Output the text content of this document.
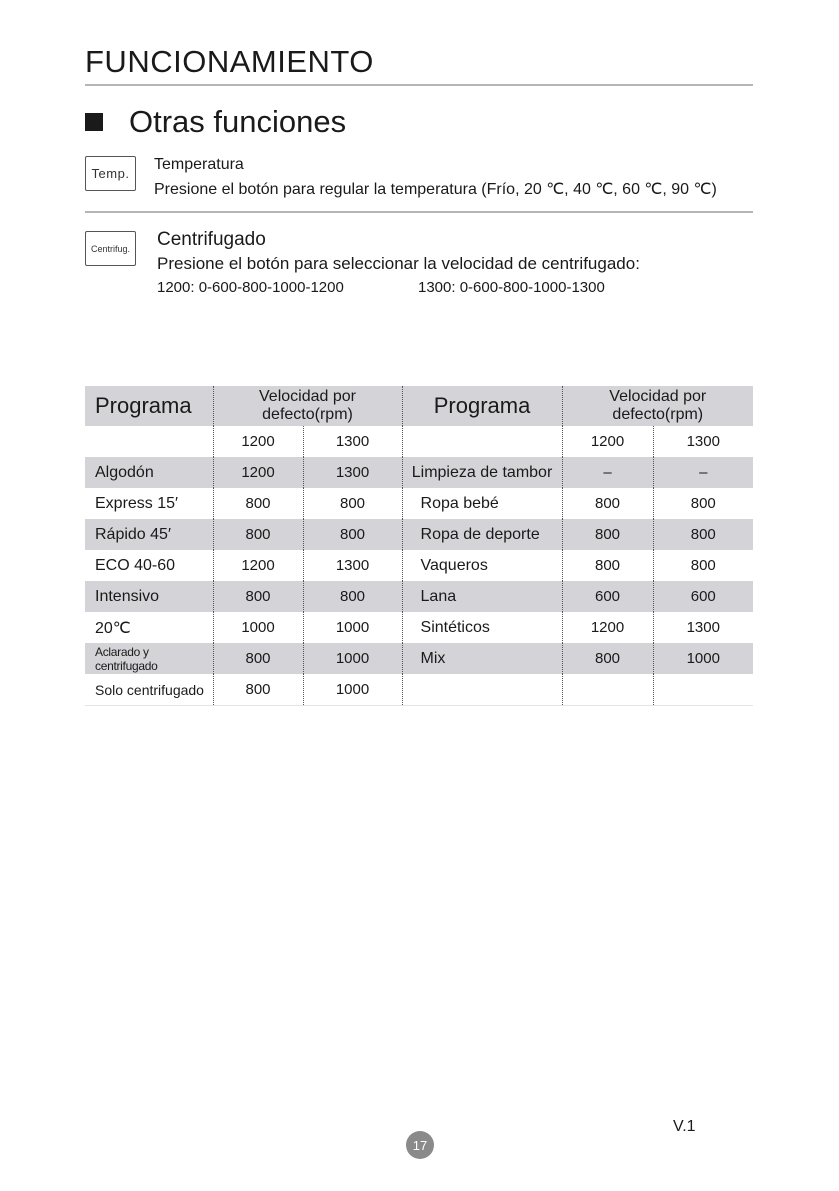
FUNCIONAMIENTO
Otras funciones
Temp.
Temperatura
Presione el botón para regular la temperatura (Frío, 20 ℃, 40 ℃, 60 ℃, 90 ℃)
Centrifug.	Centrifugado
Presione el botón para seleccionar la velocidad de centrifugado:
1200: 0-600-800-1000-1200	1300: 0-600-800-1000-1300
Programa	Velocidad por defecto(rpm)		Programa	Velocidad por defecto(rpm)	
	1200	1300		1200	1300
Algodón	1200	1300	Limpieza de tambor	–	–
Express 15′	800	800	Ropa bebé	800	800
Rápido 45′	800	800	Ropa de deporte	800	800
ECO 40-60	1200	1300	Vaqueros	800	800
Intensivo	800	800	Lana	600	600
20℃	1000	1000	Sintéticos	1200	1300
Aclarado y centrifugado	800	1000	Mix	800	1000
Solo centrifugado	800	1000			
V.1
17
